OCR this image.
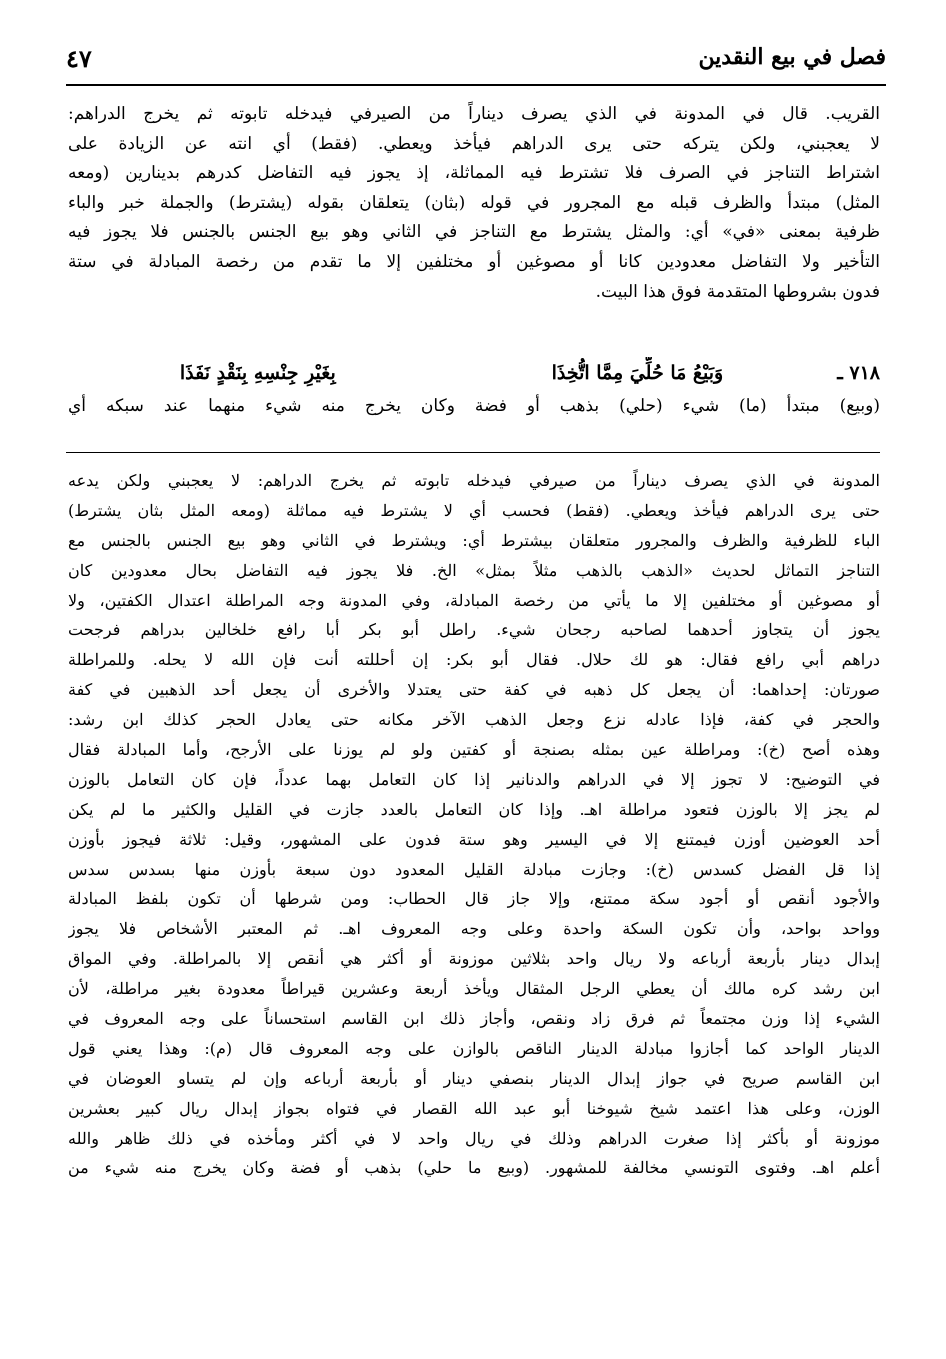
فصل في بيع النقدين
٤٧
القريب. قال في المدونة في الذي يصرف ديناراً من الصيرفي فيدخله تابوته ثم يخرج الدراهم:
لا يعجبني، ولكن يتركه حتى يرى الدراهم فيأخذ ويعطي. (فقط) أي انته عن الزيادة على
اشتراط التناجز في الصرف فلا تشترط فيه المماثلة، إذ يجوز فيه التفاضل كدرهم بدينارين (ومعه
المثل) مبتدأ والظرف قبله مع المجرور في قوله (بثان) يتعلقان بقوله (يشترط) والجملة خبر والباء
ظرفية بمعنى «في» أي: والمثل يشترط مع التناجز في الثاني وهو بيع الجنس بالجنس فلا يجوز فيه
التأخير ولا التفاضل معدودين كانا أو مصوغين أو مختلفين إلا ما تقدم من رخصة المبادلة في ستة
فدون بشروطها المتقدمة فوق هذا البيت.
٧١٨ ـ
وَبَيْعُ مَا حُلِّيَ مِمَّا اتُّخِذَا
بِغَيْرِ جِنْسِهِ بِنَقْدٍ نَفَذَا
(وبيع) مبتدأ (ما) شيء (حلي) بذهب أو فضة وكان يخرج منه شيء منهما عند سبكه أي
المدونة في الذي يصرف ديناراً من صيرفي فيدخله تابوته ثم يخرج الدراهم: لا يعجبني ولكن يدعه
حتى يرى الدراهم فيأخذ ويعطي. (فقط) فحسب أي لا يشترط فيه مماثلة (ومعه المثل بثان يشترط)
الباء للظرفية والظرف والمجرور متعلقان بيشترط أي: ويشترط في الثاني وهو بيع الجنس بالجنس مع
التناجز التماثل لحديث «الذهب بالذهب مثلاً بمثل» الخ. فلا يجوز فيه التفاضل بحال معدودين كان
أو مصوغين أو مختلفين إلا ما يأتي من رخصة المبادلة، وفي المدونة وجه المراطلة اعتدال الكفتين، ولا
يجوز أن يتجاوز أحدهما لصاحبه رجحان شيء. راطل أبو بكر أبا رافع خلخالين بدراهم فرجحت
دراهم أبي رافع فقال: هو لك حلال. فقال أبو بكر: إن أحللته أنت فإن الله لا يحله. وللمراطلة
صورتان: إحداهما: أن يجعل كل ذهبه في كفة حتى يعتدلا والأخرى أن يجعل أحد الذهبين في كفة
والحجر في كفة، فإذا عادله نزع وجعل الذهب الآخر مكانه حتى يعادل الحجر كذلك ابن رشد:
وهذه أصح (خ): ومراطلة عين بمثله بصنجة أو كفتين ولو لم يوزنا على الأرجح، وأما المبادلة فقال
في التوضيح: لا تجوز إلا في الدراهم والدنانير إذا كان التعامل بهما عدداً، فإن كان التعامل بالوزن
لم يجز إلا بالوزن فتعود مراطلة اهـ. وإذا كان التعامل بالعدد جازت في القليل والكثير ما لم يكن
أحد العوضين أوزن فيمتنع إلا في اليسير وهو ستة فدون على المشهور، وقيل: ثلاثة فيجوز بأوزن
إذا قل الفضل كسدس (خ): وجازت مبادلة القليل المعدود دون سبعة بأوزن منها بسدس سدس
والأجود أنقص أو أجود سكة ممتنع، وإلا جاز قال الحطاب: ومن شرطها أن تكون بلفظ المبادلة
وواحد بواحد، وأن تكون السكة واحدة وعلى وجه المعروف اهـ. ثم المعتبر الأشخاص فلا يجوز
إبدال دينار بأربعة أرباعه ولا ريال واحد بثلاثين موزونة أو أكثر هي أنقص إلا بالمراطلة. وفي المواق
ابن رشد كره مالك أن يعطي الرجل المثقال ويأخذ أربعة وعشرين قيراطاً معدودة بغير مراطلة، لأن
الشيء إذا وزن مجتمعاً ثم فرق زاد ونقص، وأجاز ذلك ابن القاسم استحساناً على وجه المعروف في
الدينار الواحد كما أجازوا مبادلة الدينار الناقص بالوازن على وجه المعروف قال (م): وهذا يعني قول
ابن القاسم صريح في جواز إبدال الدينار بنصفي دينار أو بأربعة أرباعه وإن لم يتساو العوضان في
الوزن، وعلى هذا اعتمد شيخ شيوخنا أبو عبد الله القصار في فتواه بجواز إبدال ريال كبير بعشرين
موزونة أو بأكثر إذا صغرت الدراهم وذلك في ريال واحد لا في أكثر ومأخذه في ذلك ظاهر والله
أعلم اهـ. وفتوى التونسي مخالفة للمشهور. (وبيع ما حلي) بذهب أو فضة وكان يخرج منه شيء من
